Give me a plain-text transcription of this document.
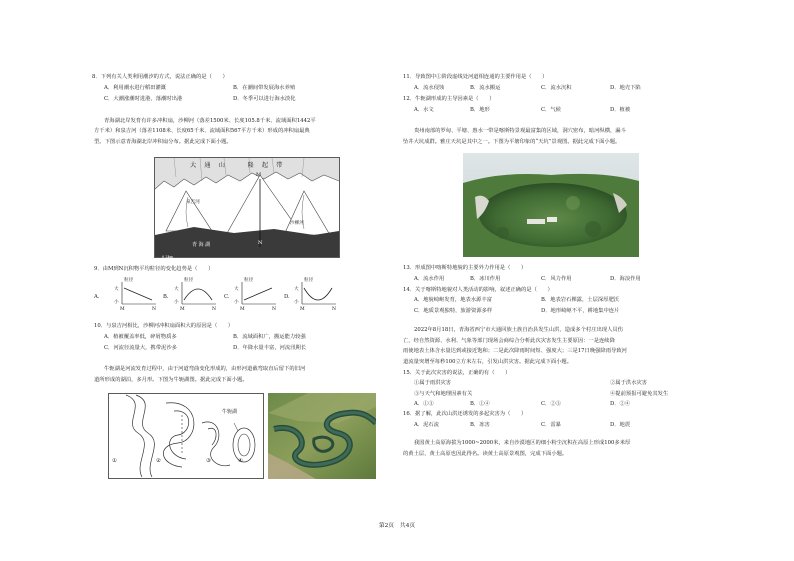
8．下列有关人类利用潮汐的方式，说法正确的是（　　）
A．利用潮水进行稻田灌溉	B．在潮间带发展海水养殖
C．大潮涨潮时进港，落潮时出港	D．冬季可以进行海水淡化
青海湖北岸发育有许多冲积扇，沙柳河（落差1500米、长度105.8千米、流域面积1442平
方千米）和泉吉河（落差1108米、长度65千米、流域面积567平方千米）形成的冲积扇最典
型。下图示意青海湖北岸冲积扇分布。据此完成下面小题。
0 2km
大　通　山　　　隆　起　带
泉吉河
沙柳河
青 海 湖
M
N
9．由M到N沉积物平均粒径的变化趋势是（　　）
A.
粒径
大
小
M	N
B.
粒径
大
小
M	N
C.
粒径
大
小
M	N
D.
粒径
大
小
M	N
10．与泉吉河相比，沙柳河冲积扇面积大的原因是（　　）
A．植被覆盖率低，碎屑物质多	B．流域面积广，搬运能力较强
C．河流径流量大，携带泥沙多	D．年降水量丰富，河流汛期长
牛轭湖是河流发育过程中，由于河道弯曲变化形成的，由形河道截弯取直后留下的旧河
道所形成的湖泊，多月形。下图为牛轭湖图。据此完成下面小题。
牛轭湖
①	②	③	④
11．导致图中①阶段虚线处河道相连通的主要作用是（　　）
A．流水侵蚀	B．流水搬运	C．流水沉积	D．地壳下陷
12．牛轭湖形成的主导因素是（　　）
A．水文	B．地形	C．气候	D．植被
贵州南部的罗甸、平塘、惠水一带是喀斯特景观最富集的区域，洞穴密布，暗河纵横，漏斗
坠井大坑成群。雅庄天坑是其中之一。下图为平塘印象的“天坑”景观图。据此完成下面小题。
13．形成图中喀斯特地貌的主要外力作用是（　　）
A．流水作用	B．冰川作用	C．风力作用	D．海浪作用
14．关于喀斯特地貌对人类活动的影响，叙述正确的是（　　）
A．地貌崎岖发育，地表水源丰富	B．地表岩石裸露，土层深厚肥沃
C．地质景观独特，旅游资源多样	D．地形崎岖不平，耕地集中连片
2022年8月18日，青海省西宁市大通回族土族自治县发生山洪，造成多个村庄出现人员伤
亡，经自然资源、水利、气象等部门现场会商综合分析此次灾害发生主要原因：一是连续降
雨使地表土体含水量达到或接近饱和；二是此次降雨时间短、强度大；三是17日晚强降雨导致河
道流量突增至每秒100立方米左右，引发山洪灾害。据此完成下面小题。
15．关于此次灾害的说法，正确的有（　　）
①属于雨洪灾害	②属于洪水灾害
③与天气和地理因素有关	④提前预报可避免其发生
A．①③	B．①④	C．②③	D．②④
16．据了解，此次山洪还诱发的多起灾害为（　　）
A．泥石流	B．冻害	C．雷暴	D．地震
我国黄土高原海拔为1000~2000米，来自沙漠地区的细小粉尘沉积在高原上形成100多米厚
的黄土层，黄土高原也因此得名。读黄土高原景观图，完成下面小题。
第2页　共4页
